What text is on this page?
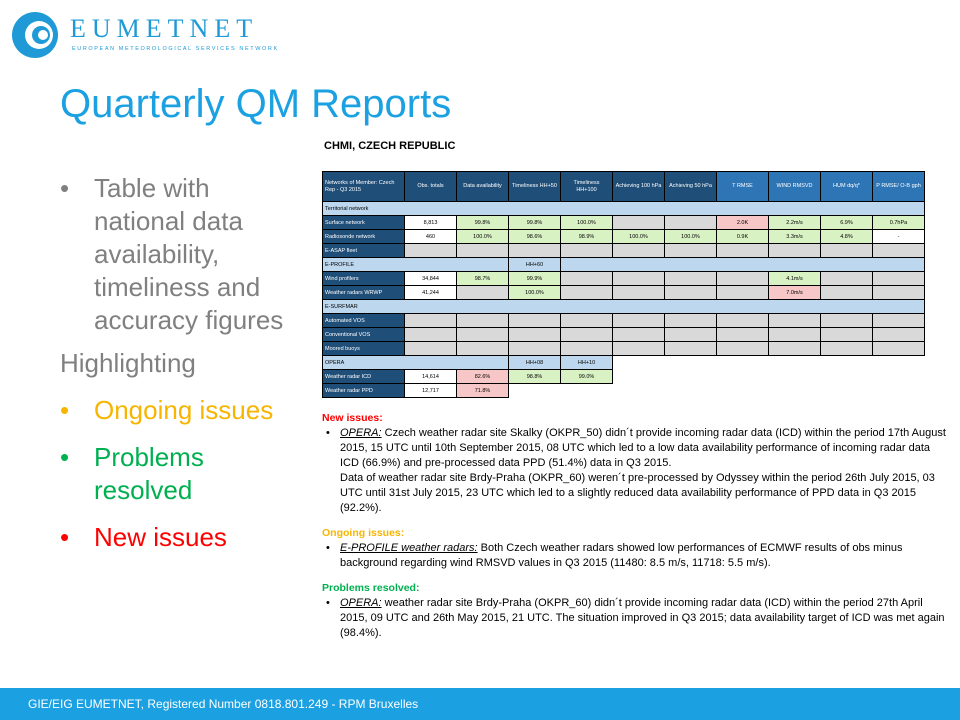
EUMETNET
EUROPEAN METEOROLOGICAL SERVICES NETWORK
Quarterly QM Reports
• Table with national data availability, timeliness and accuracy figures
Highlighting
• Ongoing issues
• Problems resolved
• New issues
CHMI, CZECH REPUBLIC
Networks of Member: Czech Rep - Q3 2015	Obs. totals	Data availability	Timeliness HH+50	Timeliness HH+100	Achieving 100 hPa	Achieving 50 hPa	T RMSE	WIND RMSVD	HUM dq/q*	P RMSE/ O-B gph
Territorial network										
Surface network	8,813	99.8%	99.8%	100.0%			2.0K	2.2m/s	6.9%	0.7hPa
Radiosonde network	460	100.0%	98.6%	98.9%	100.0%	100.0%	0.9K	3.3m/s	4.8%	-
E-ASAP fleet										
E-PROFILE			HH+60							
Wind profilers	34,844	98.7%	99.9%					4.1m/s		
Weather radars WRWP	41,244		100.0%					7.0m/s		
E-SURFMAR										
Automated VOS										
Conventional VOS										
Moored buoys										
OPERA			HH+08	HH+10						
Weather radar ICD	14,614	82.6%	98.8%	99.0%						
Weather radar PPD	12,717	71.8%								
New issues:
• OPERA: Czech weather radar site Skalky (OKPR_50) didn´t provide incoming radar data (ICD) within the period 17th August 2015, 15 UTC until 10th September 2015, 08 UTC which led to a low data availability performance of incoming radar data ICD (66.9%) and pre-processed data PPD (51.4%) data in Q3 2015.
Data of weather radar site Brdy-Praha (OKPR_60) weren´t pre-processed by Odyssey within the period 26th July 2015, 03 UTC until 31st July 2015, 23 UTC which led to a slightly reduced data availability performance of PPD data in Q3 2015 (92.2%).
Ongoing issues:
• E-PROFILE weather radars: Both Czech weather radars showed low performances of ECMWF results of obs minus background regarding wind RMSVD values in Q3 2015 (11480: 8.5 m/s, 11718: 5.5 m/s).
Problems resolved:
• OPERA: weather radar site Brdy-Praha (OKPR_60) didn´t provide incoming radar data (ICD) within the period 27th April 2015, 09 UTC and 26th May 2015, 21 UTC. The situation improved in Q3 2015; data availability target of ICD was met again (98.4%).
GIE/EIG EUMETNET, Registered Number 0818.801.249 - RPM Bruxelles
